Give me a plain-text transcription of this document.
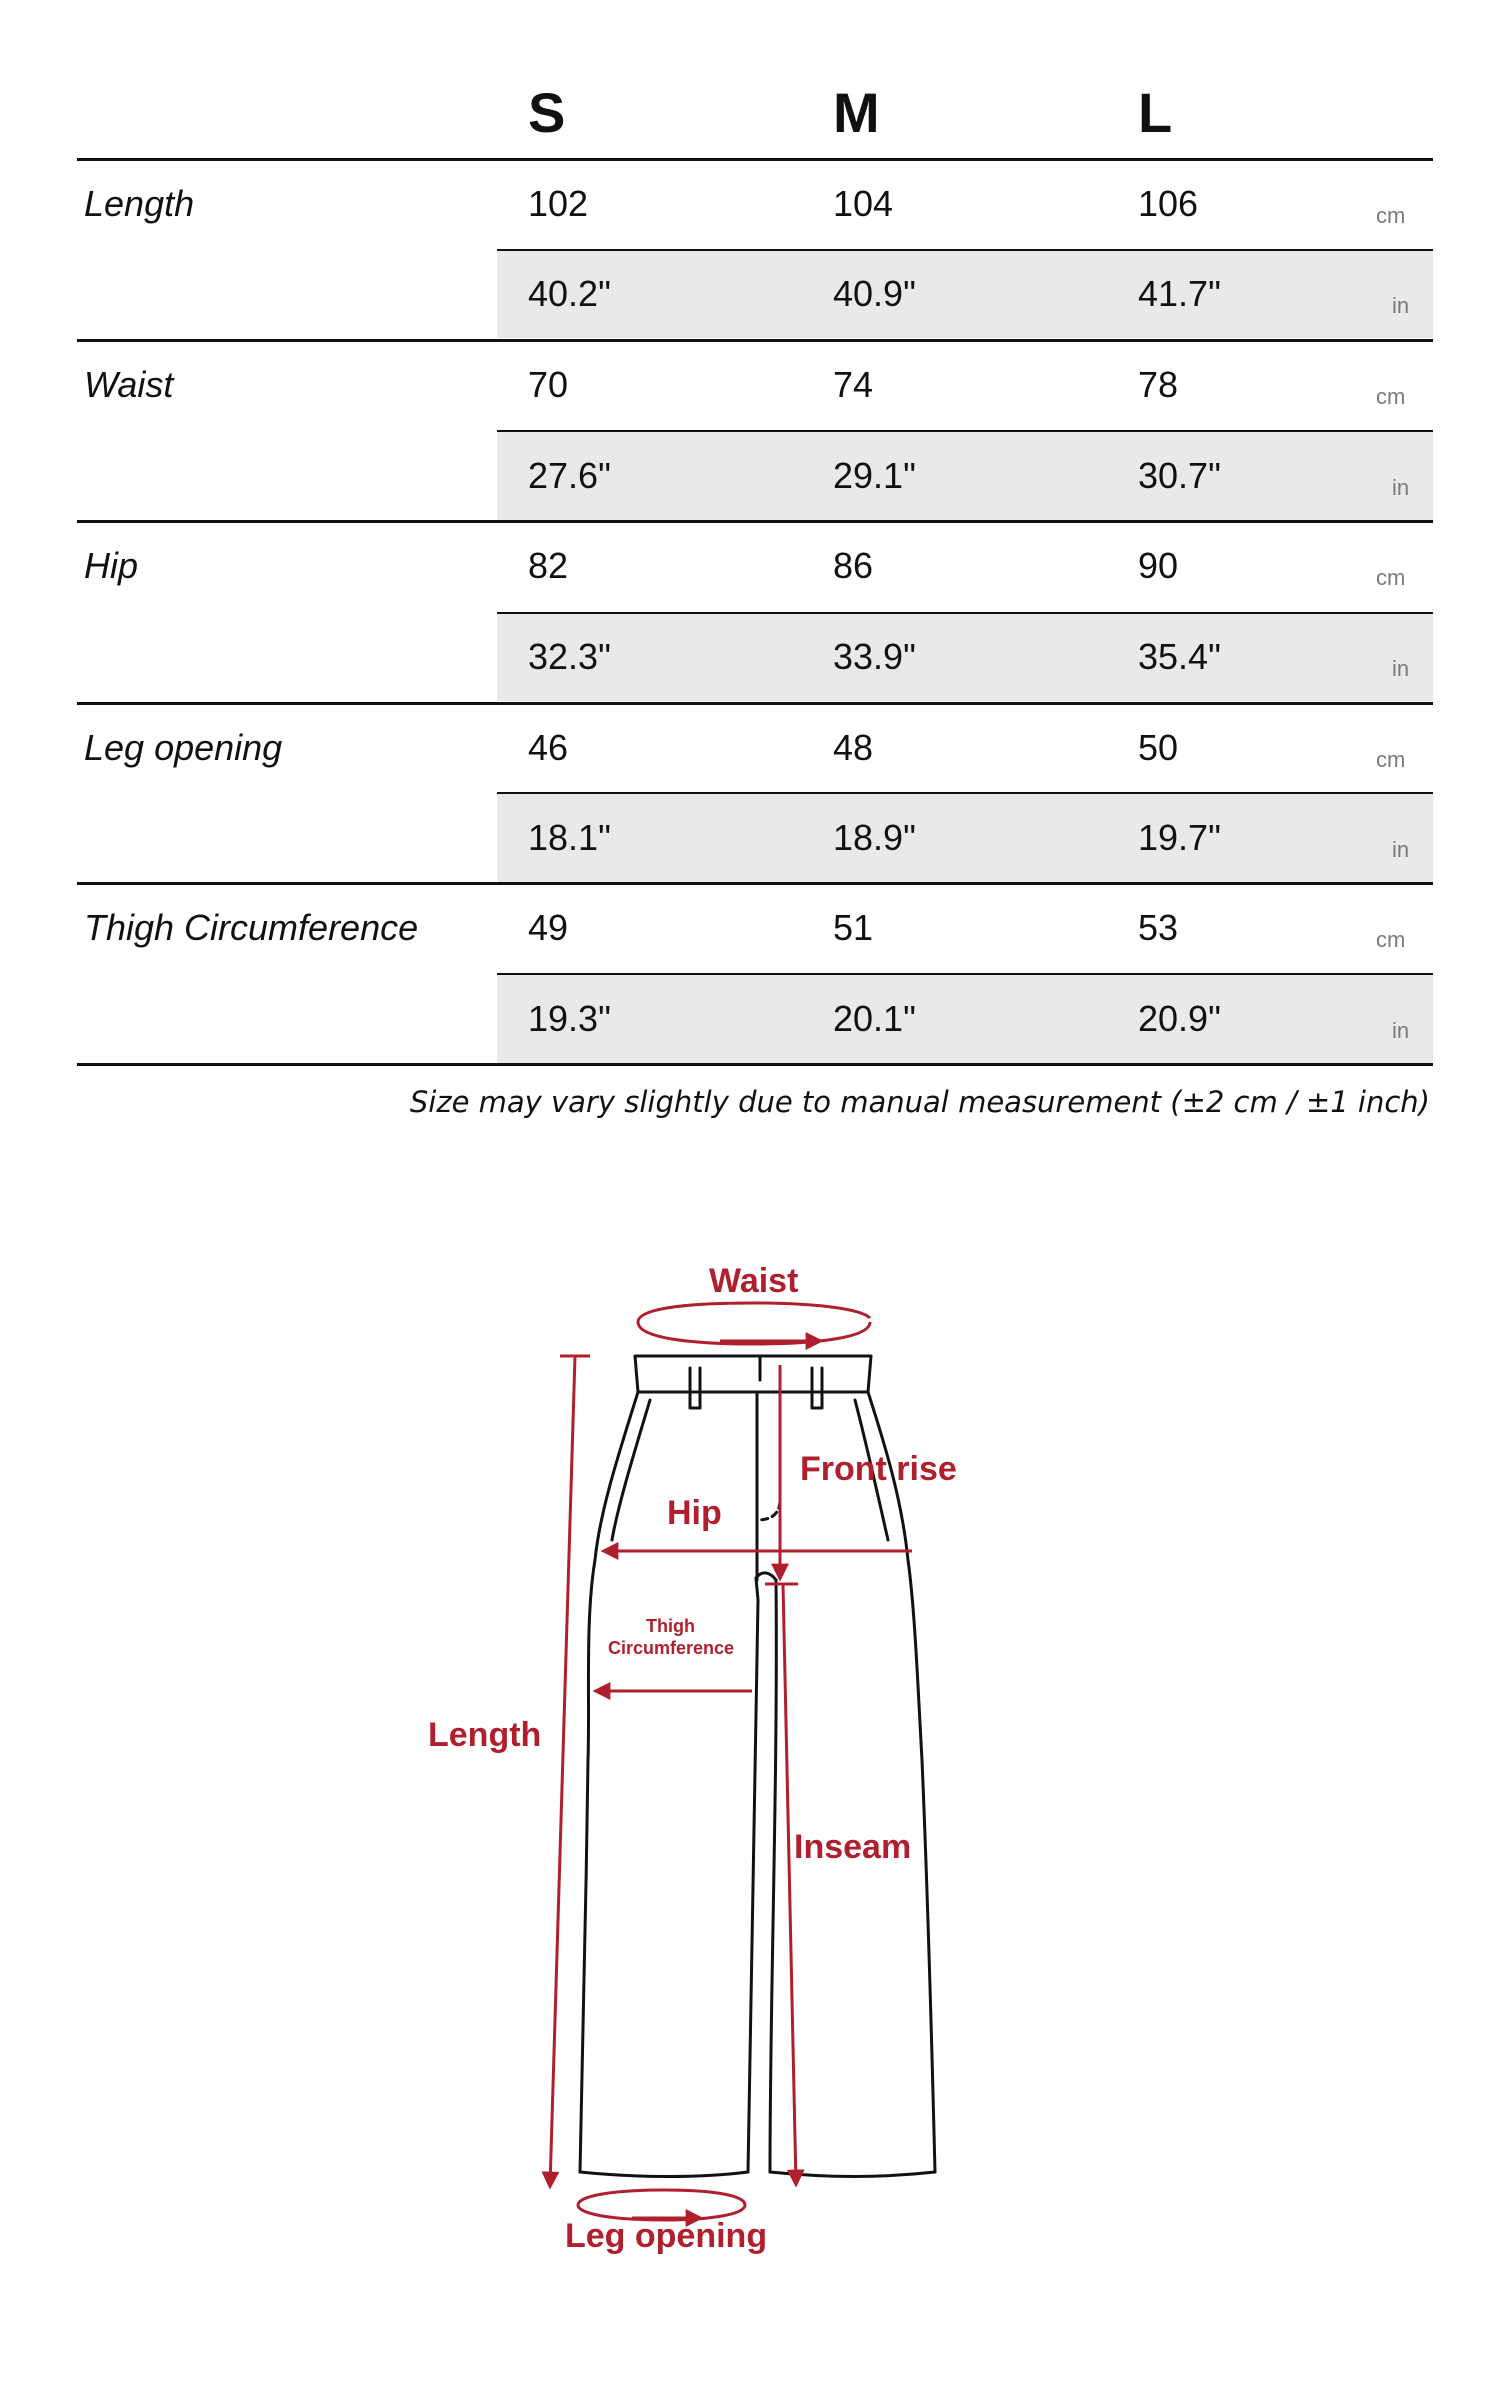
S	M	L
Length	102	104	106	cm
40.2"	40.9"	41.7"	in
Waist	70	74	78	cm
27.6"	29.1"	30.7"	in
Hip	82	86	90	cm
32.3"	33.9"	35.4"	in
Leg opening	46	48	50	cm
18.1"	18.9"	19.7"	in
Thigh Circumference	49	51	53	cm
19.3"	20.1"	20.9"	in
Size may vary slightly due to manual measurement (±2 cm / ±1 inch)
Waist
Front rise
Hip
Thigh
Circumference
Length
Inseam
Leg opening
